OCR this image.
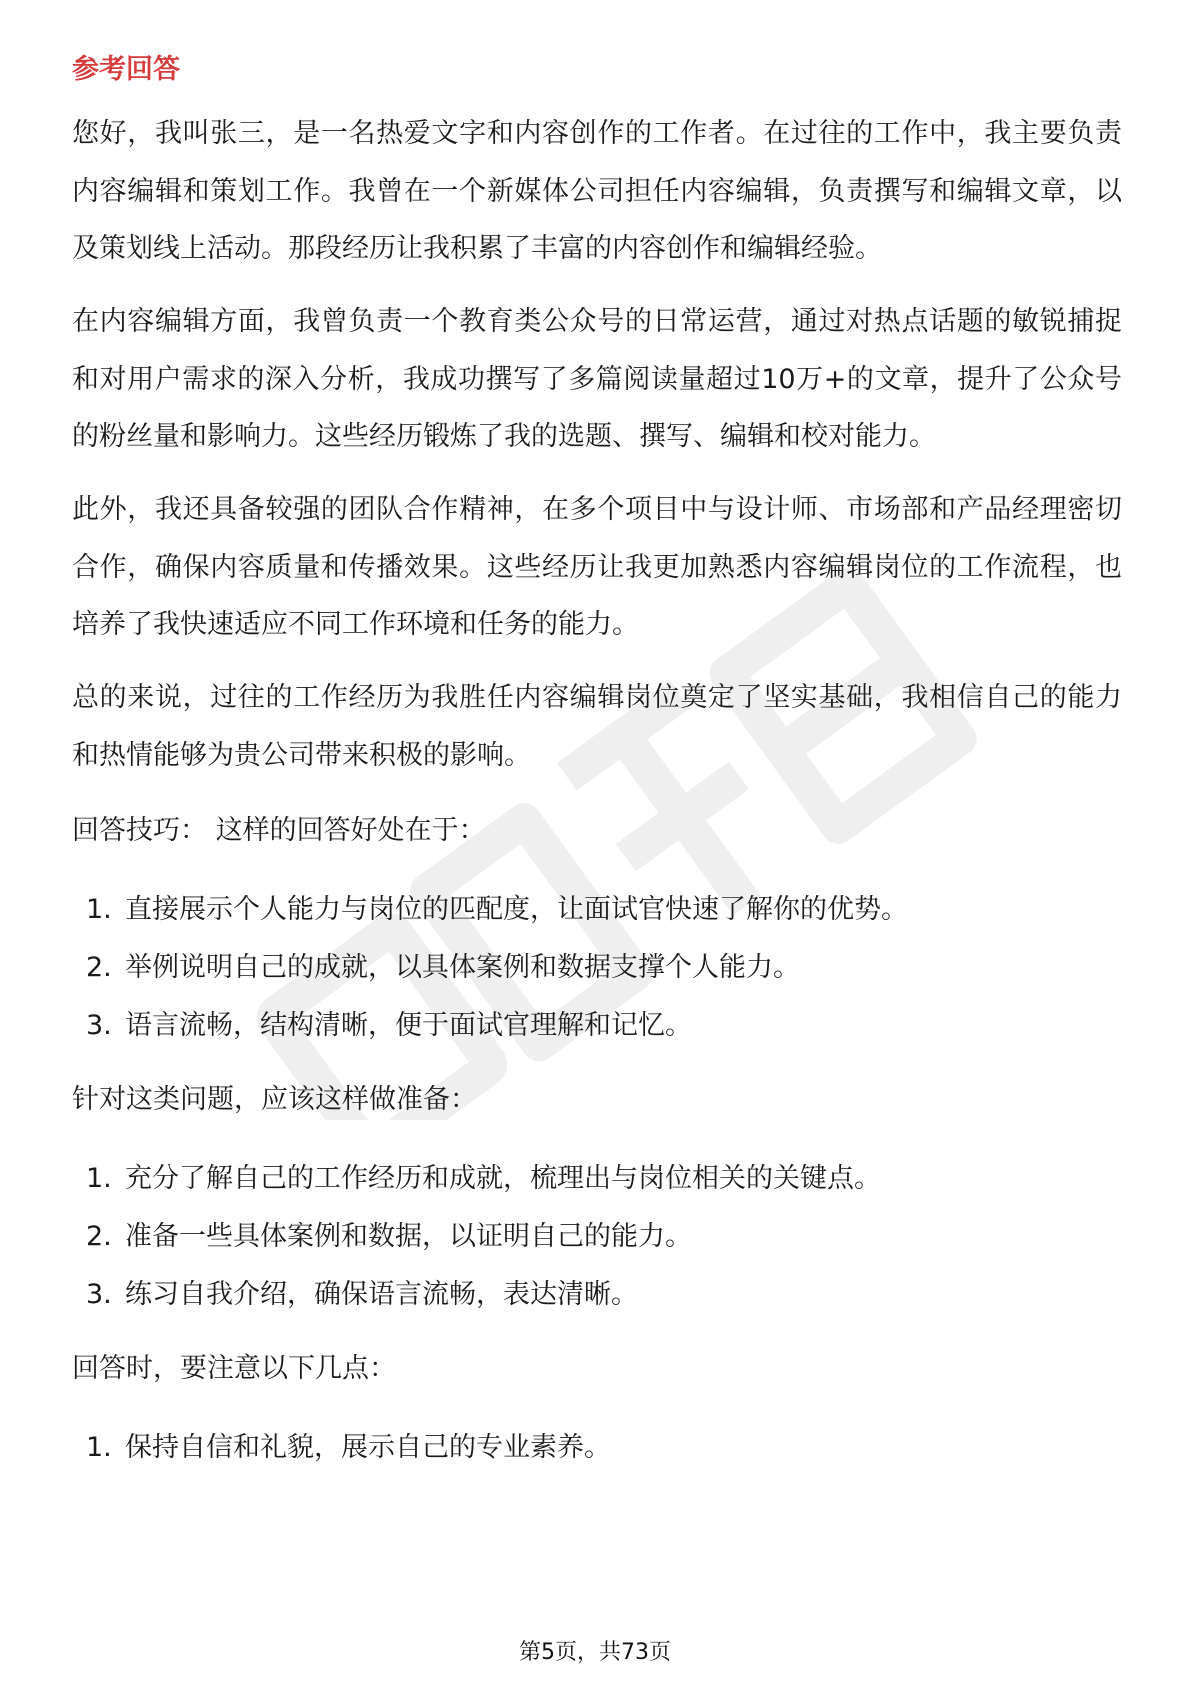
参考回答

您好，我叫张三，是一名热爱文字和内容创作的工作者。在过往的工作中，我主要负责内容编辑和策划工作。我曾在一个新媒体公司担任内容编辑，负责撰写和编辑文章，以及策划线上活动。那段经历让我积累了丰富的内容创作和编辑经验。

在内容编辑方面，我曾负责一个教育类公众号的日常运营，通过对热点话题的敏锐捕捉和对用户需求的深入分析，我成功撰写了多篇阅读量超过10万+的文章，提升了公众号的粉丝量和影响力。这些经历锻炼了我的选题、撰写、编辑和校对能力。

此外，我还具备较强的团队合作精神，在多个项目中与设计师、市场部和产品经理密切合作，确保内容质量和传播效果。这些经历让我更加熟悉内容编辑岗位的工作流程，也培养了我快速适应不同工作环境和任务的能力。

总的来说，过往的工作经历为我胜任内容编辑岗位奠定了坚实基础，我相信自己的能力和热情能够为贵公司带来积极的影响。

回答技巧： 这样的回答好处在于：

1. 直接展示个人能力与岗位的匹配度，让面试官快速了解你的优势。
2. 举例说明自己的成就，以具体案例和数据支撑个人能力。
3. 语言流畅，结构清晰，便于面试官理解和记忆。

针对这类问题，应该这样做准备：

1. 充分了解自己的工作经历和成就，梳理出与岗位相关的关键点。
2. 准备一些具体案例和数据，以证明自己的能力。
3. 练习自我介绍，确保语言流畅，表达清晰。

回答时，要注意以下几点：

1. 保持自信和礼貌，展示自己的专业素养。
第5页，共73页
